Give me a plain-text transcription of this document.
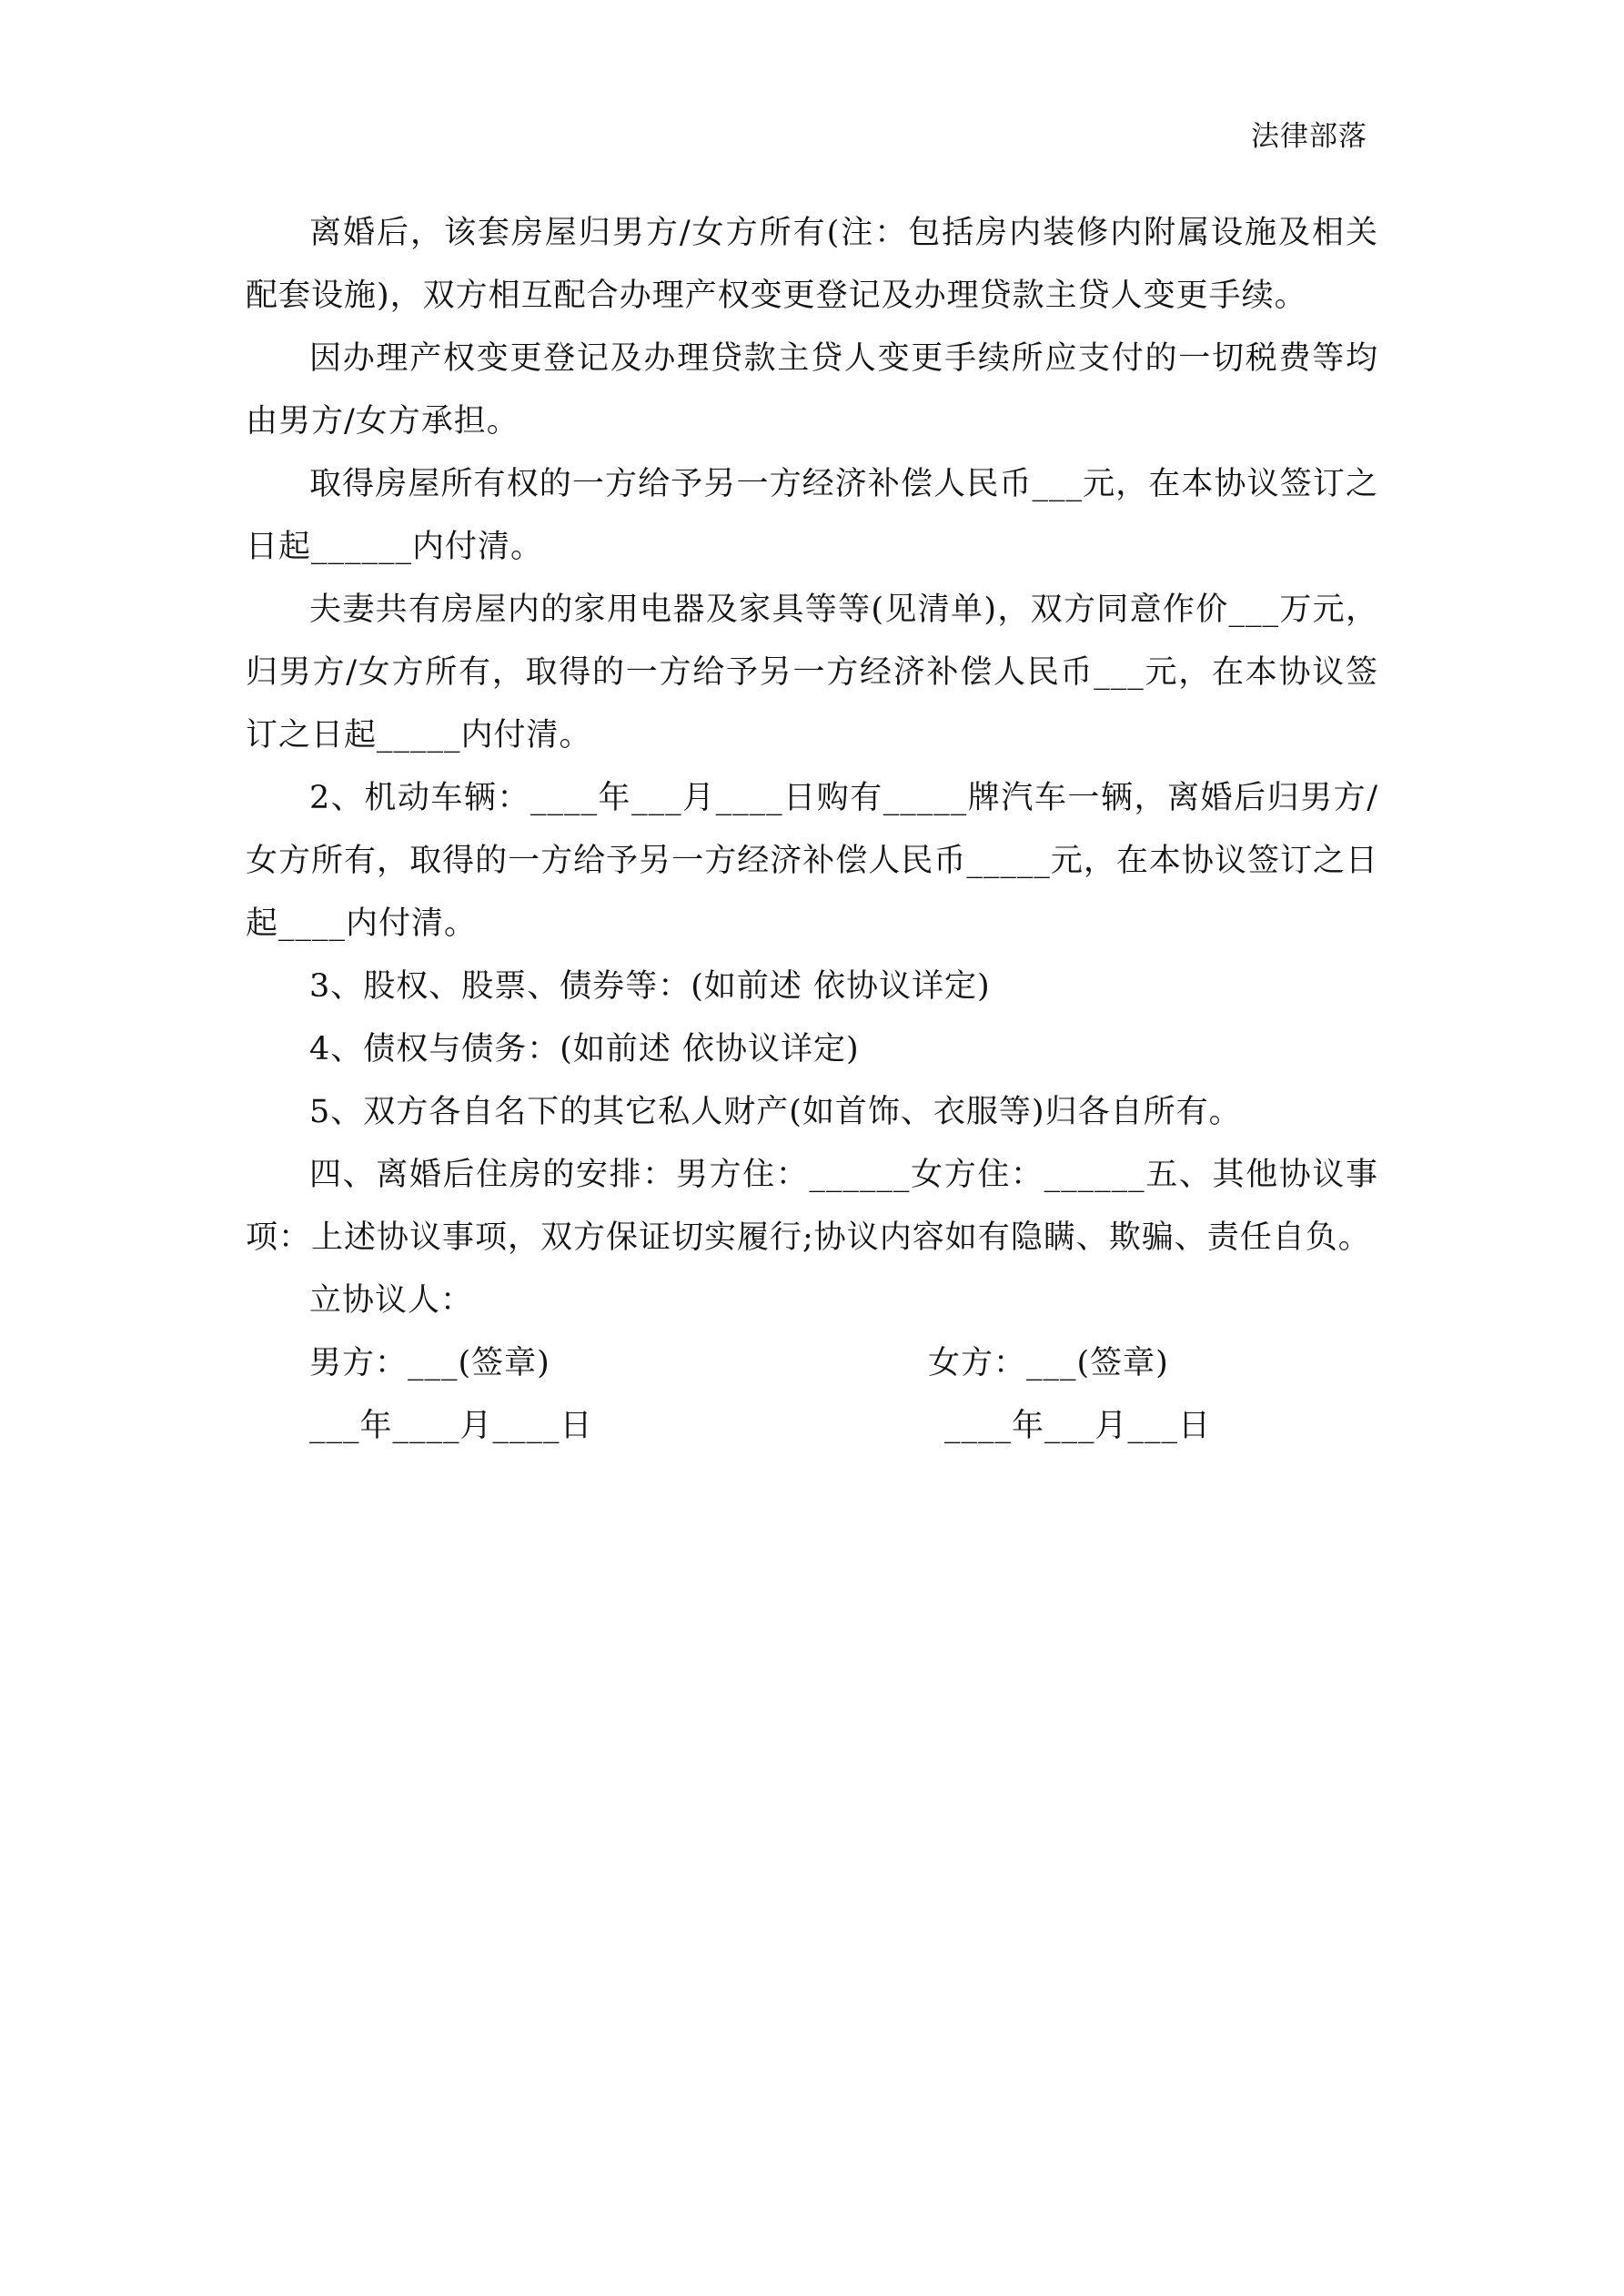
法律部落

离婚后，该套房屋归男方/女方所有(注：包括房内装修内附属设施及相关配套设施)，双方相互配合办理产权变更登记及办理贷款主贷人变更手续。

因办理产权变更登记及办理贷款主贷人变更手续所应支付的一切税费等均由男方/女方承担。

取得房屋所有权的一方给予另一方经济补偿人民币___元，在本协议签订之日起______内付清。

夫妻共有房屋内的家用电器及家具等等(见清单)，双方同意作价___万元，归男方/女方所有，取得的一方给予另一方经济补偿人民币___元，在本协议签订之日起_____内付清。

2、机动车辆：____年___月____日购有_____牌汽车一辆，离婚后归男方/女方所有，取得的一方给予另一方经济补偿人民币_____元，在本协议签订之日起____内付清。

3、股权、股票、债券等：(如前述 依协议详定)

4、债权与债务：(如前述 依协议详定)

5、双方各自名下的其它私人财产(如首饰、衣服等)归各自所有。

四、离婚后住房的安排：男方住：______女方住：______五、其他协议事项：上述协议事项，双方保证切实履行;协议内容如有隐瞒、欺骗、责任自负。

立协议人：

男方：___(签章)

	女方：___(签章)

___年____月____日

	____年___月___日
